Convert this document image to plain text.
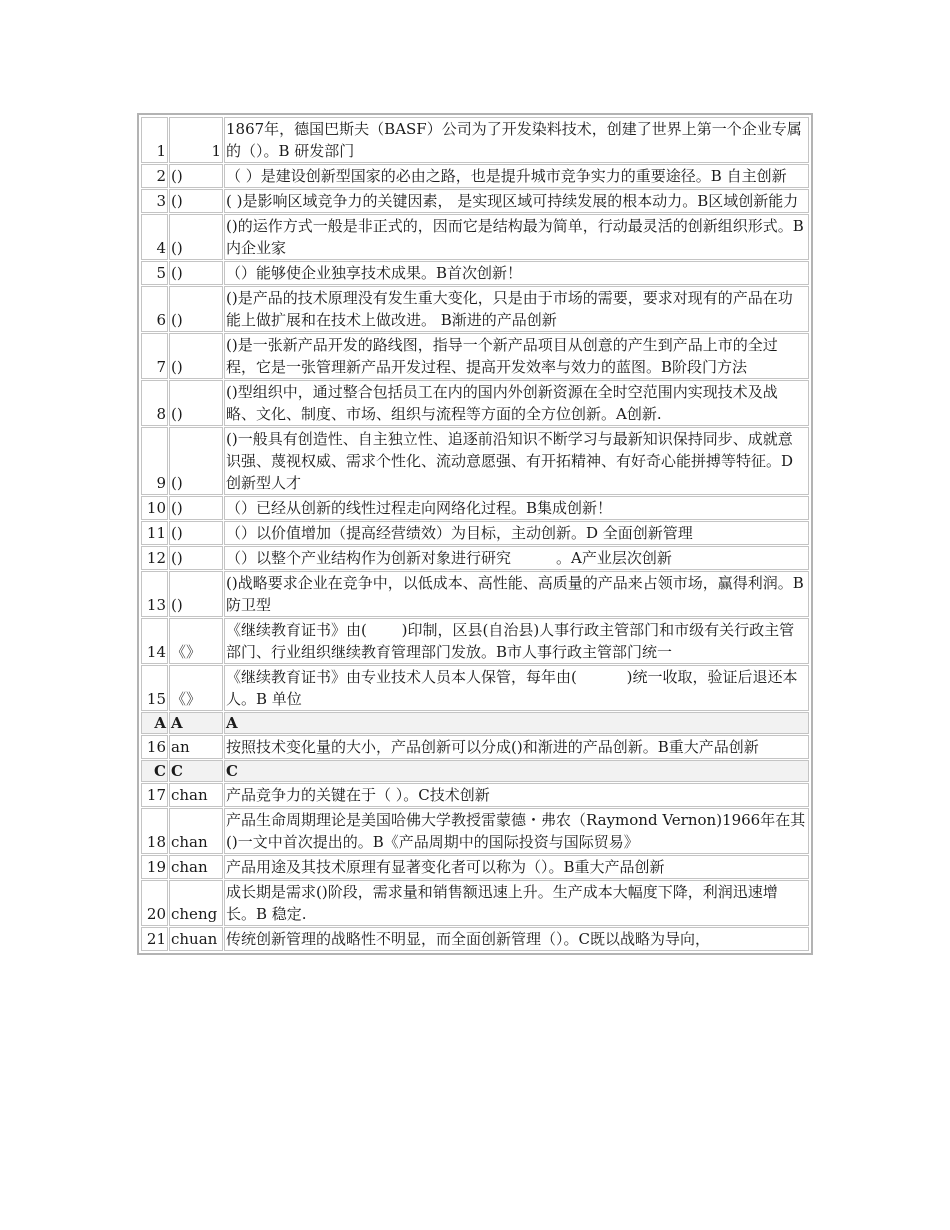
1	1	1867年，德国巴斯夫（BASF）公司为了开发染料技术，创建了世界上第一个企业专属的（）。B 研发部门
2	()	（ ）是建设创新型国家的必由之路，也是提升城市竞争实力的重要途径。B 自主创新
3	()	( )是影响区域竞争力的关键因素， 是实现区域可持续发展的根本动力。B区域创新能力
4	()	()的运作方式一般是非正式的，因而它是结构最为简单，行动最灵活的创新组织形式。B 内企业家
5	()	（）能够使企业独享技术成果。B首次创新！
6	()	()是产品的技术原理没有发生重大变化，只是由于市场的需要，要求对现有的产品在功能上做扩展和在技术上做改进。 B渐进的产品创新
7	()	()是一张新产品开发的路线图，指导一个新产品项目从创意的产生到产品上市的全过程，它是一张管理新产品开发过程、提高开发效率与效力的蓝图。B阶段门方法
8	()	()型组织中，通过整合包括员工在内的国内外创新资源在全时空范围内实现技术及战略、文化、制度、市场、组织与流程等方面的全方位创新。A创新.
9	()	()一般具有创造性、自主独立性、追逐前沿知识不断学习与最新知识保持同步、成就意识强、蔑视权威、需求个性化、流动意愿强、有开拓精神、有好奇心能拼搏等特征。D创新型人才
10	()	（）已经从创新的线性过程走向网络化过程。B集成创新！
11	()	（）以价值增加（提高经营绩效）为目标，主动创新。D 全面创新管理
12	()	（）以整个产业结构作为创新对象进行研究　　　。A产业层次创新
13	()	()战略要求企业在竞争中，以低成本、高性能、高质量的产品来占领市场，赢得利润。B防卫型
14	《》	《继续教育证书》由(　　 )印制，区县(自治县)人事行政主管部门和市级有关行政主管部门、行业组织继续教育管理部门发放。B市人事行政主管部门统一
15	《》	《继续教育证书》由专业技术人员本人保管，每年由(　　　 )统一收取，验证后退还本人。B 单位
A	A	A
16	an	按照技术变化量的大小，产品创新可以分成()和渐进的产品创新。B重大产品创新
C	C	C
17	chan	产品竞争力的关键在于（ ）。C技术创新
18	chan	产品生命周期理论是美国哈佛大学教授雷蒙德・弗农（Raymond Vernon)1966年在其()一文中首次提出的。B《产品周期中的国际投资与国际贸易》
19	chan	产品用途及其技术原理有显著变化者可以称为（）。B重大产品创新
20	cheng	成长期是需求()阶段，需求量和销售额迅速上升。生产成本大幅度下降，利润迅速增长。B 稳定.
21	chuan	传统创新管理的战略性不明显，而全面创新管理（）。C既以战略为导向，
